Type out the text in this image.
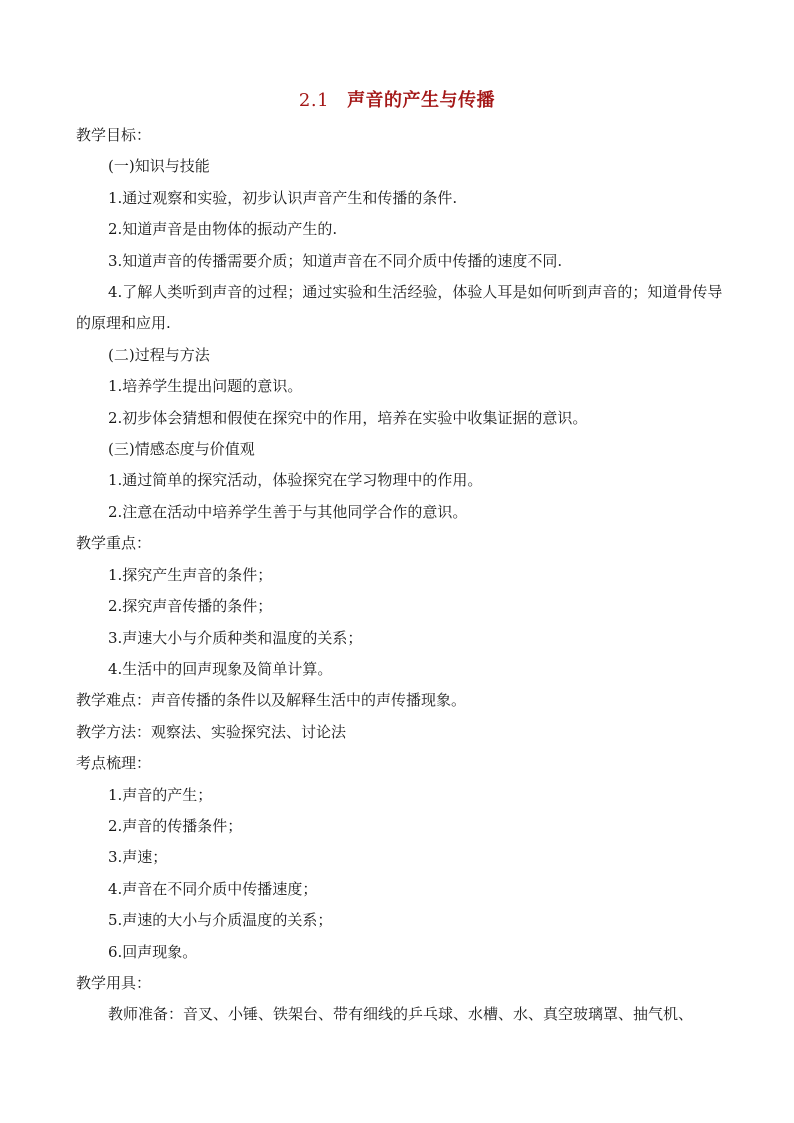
2.1 声音的产生与传播
教学目标：
(一)知识与技能
1.通过观察和实验，初步认识声音产生和传播的条件.
2.知道声音是由物体的振动产生的.
3.知道声音的传播需要介质；知道声音在不同介质中传播的速度不同.
4.了解人类听到声音的过程；通过实验和生活经验，体验人耳是如何听到声音的；知道骨传导的原理和应用.
(二)过程与方法
1.培养学生提出问题的意识。
2.初步体会猜想和假使在探究中的作用，培养在实验中收集证据的意识。
(三)情感态度与价值观
1.通过简单的探究活动，体验探究在学习物理中的作用。
2.注意在活动中培养学生善于与其他同学合作的意识。
教学重点：
1.探究产生声音的条件；
2.探究声音传播的条件；
3.声速大小与介质种类和温度的关系；
4.生活中的回声现象及简单计算。
教学难点：声音传播的条件以及解释生活中的声传播现象。
教学方法：观察法、实验探究法、讨论法
考点梳理：
1.声音的产生；
2.声音的传播条件；
3.声速；
4.声音在不同介质中传播速度；
5.声速的大小与介质温度的关系；
6.回声现象。
教学用具：
教师准备：音叉、小锤、铁架台、带有细线的乒乓球、水槽、水、真空玻璃罩、抽气机、
